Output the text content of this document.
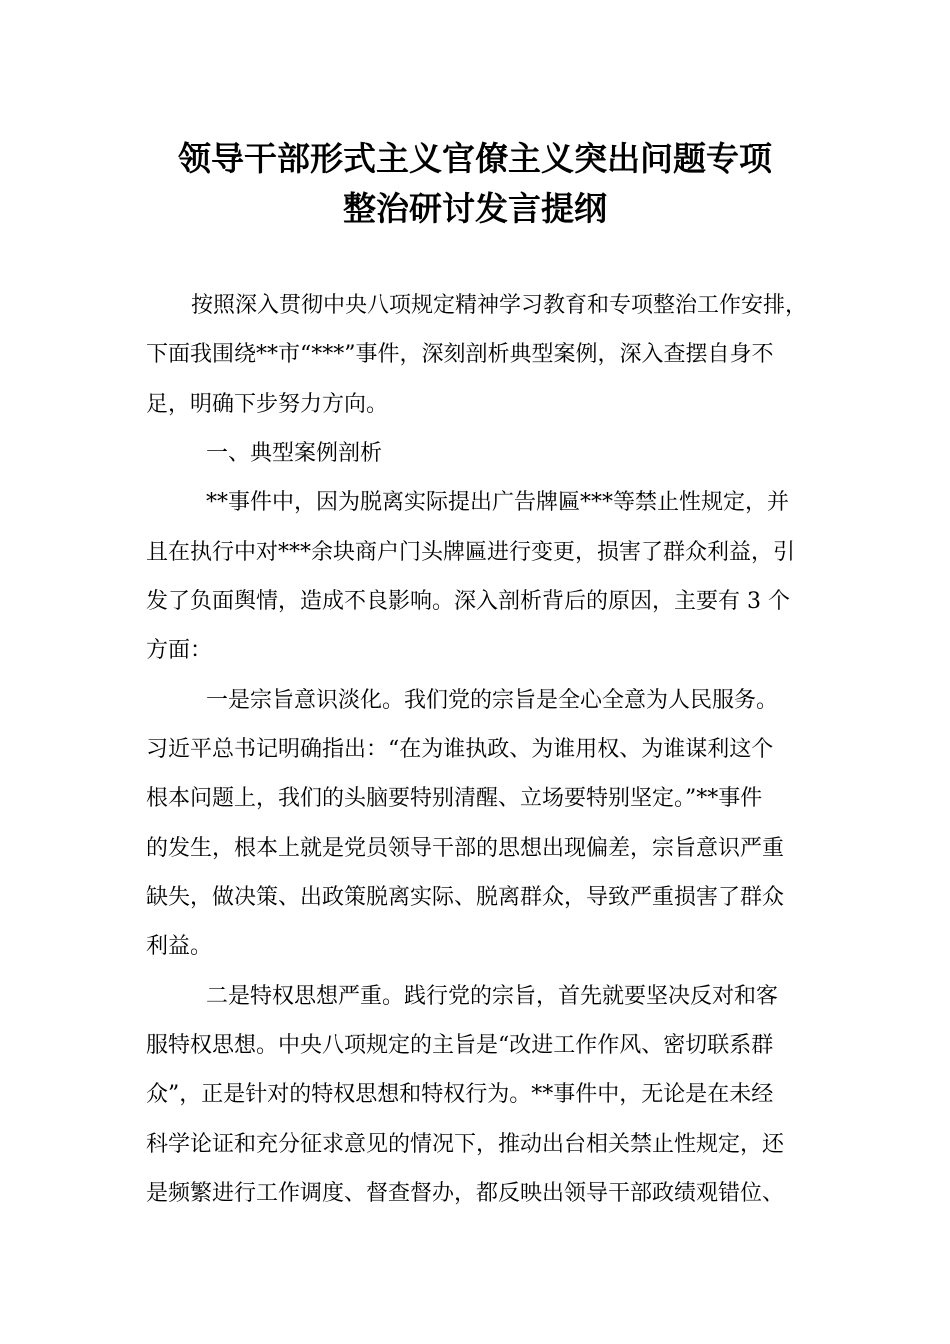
领导干部形式主义官僚主义突出问题专项
整治研讨发言提纲

按照深入贯彻中央八项规定精神学习教育和专项整治工作安排，

下面我围绕**市“***”事件，深刻剖析典型案例，深入查摆自身不

足，明确下步努力方向。

一、典型案例剖析

**事件中，因为脱离实际提出广告牌匾***等禁止性规定，并

且在执行中对***余块商户门头牌匾进行变更，损害了群众利益，引

发了负面舆情，造成不良影响。深入剖析背后的原因，主要有 3 个

方面：

一是宗旨意识淡化。我们党的宗旨是全心全意为人民服务。

习近平总书记明确指出：“在为谁执政、为谁用权、为谁谋利这个

根本问题上，我们的头脑要特别清醒、立场要特别坚定。”**事件

的发生，根本上就是党员领导干部的思想出现偏差，宗旨意识严重

缺失，做决策、出政策脱离实际、脱离群众，导致严重损害了群众

利益。

二是特权思想严重。践行党的宗旨，首先就要坚决反对和客

服特权思想。中央八项规定的主旨是“改进工作作风、密切联系群

众”，正是针对的特权思想和特权行为。**事件中，无论是在未经

科学论证和充分征求意见的情况下，推动出台相关禁止性规定，还

是频繁进行工作调度、督查督办，都反映出领导干部政绩观错位、
